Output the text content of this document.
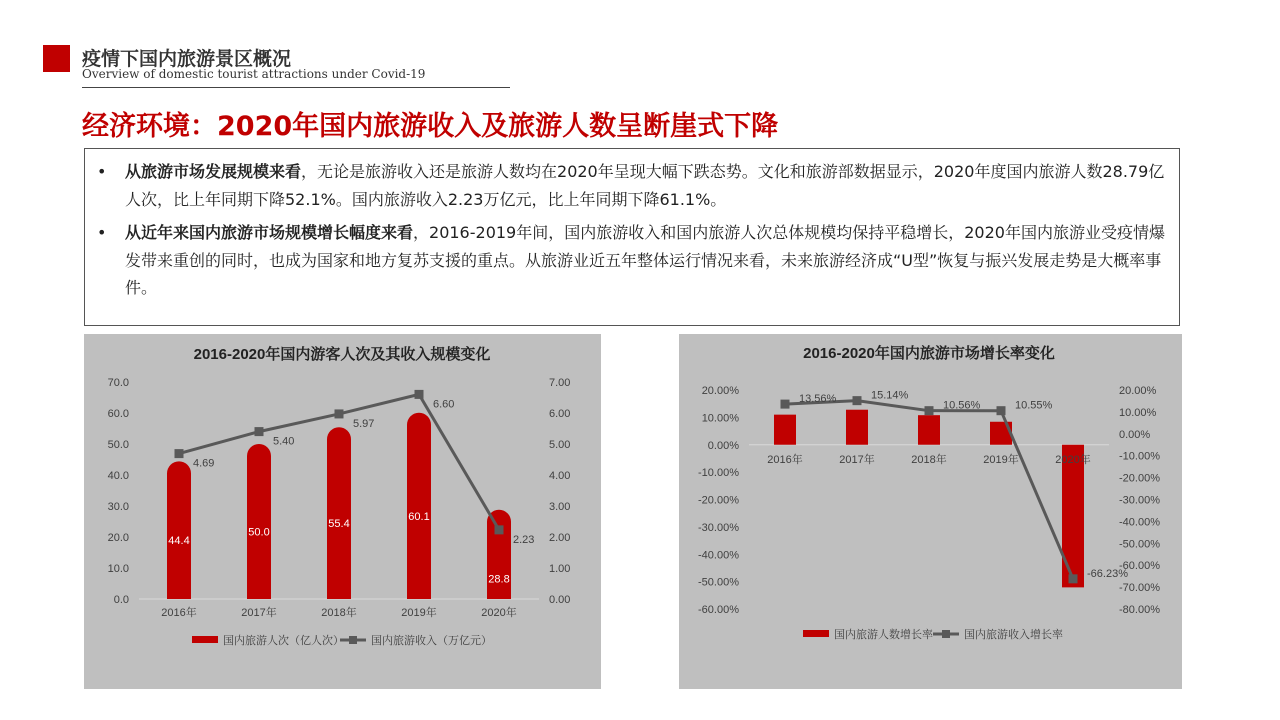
疫情下国内旅游景区概况
Overview of domestic tourist attractions under Covid-19
经济环境：2020年国内旅游收入及旅游人数呈断崖式下降
• 从旅游市场发展规模来看，无论是旅游收入还是旅游人数均在2020年呈现大幅下跌态势。文化和旅游部数据显示，2020年度国内旅游人数28.79亿人次，比上年同期下降52.1%。国内旅游收入2.23万亿元，比上年同期下降61.1%。
• 从近年来国内旅游市场规模增长幅度来看，2016-2019年间，国内旅游收入和国内旅游人次总体规模均保持平稳增长，2020年国内旅游业受疫情爆发带来重创的同时，也成为国家和地方复苏支援的重点。从旅游业近五年整体运行情况来看，未来旅游经济成“U型”恢复与振兴发展走势是大概率事件。
2016-2020年国内游客人次及其收入规模变化
0.0
10.0
20.0
30.0
40.0
50.0
60.0
70.0
0.00
1.00
2.00
3.00
4.00
5.00
6.00
7.00
44.4
50.0
55.4
60.1
28.8
2016年	2017年	2018年	2019年	2020年
4.69
5.40
5.97
6.60
2.23
国内旅游人次（亿人次） 国内旅游收入（万亿元）
2016-2020年国内旅游市场增长率变化
-60.00%
-50.00%
-40.00%
-30.00%
-20.00%
-10.00%
0.00%
10.00%
20.00%
-80.00%
-70.00%
-60.00%
-50.00%
-40.00%
-30.00%
-20.00%
-10.00%
0.00%
10.00%
20.00%
2016年	2017年	2018年	2019年	2020年
13.56%	15.14%
10.56%	10.55%
-66.23%
国内旅游人数增长率	国内旅游收入增长率
